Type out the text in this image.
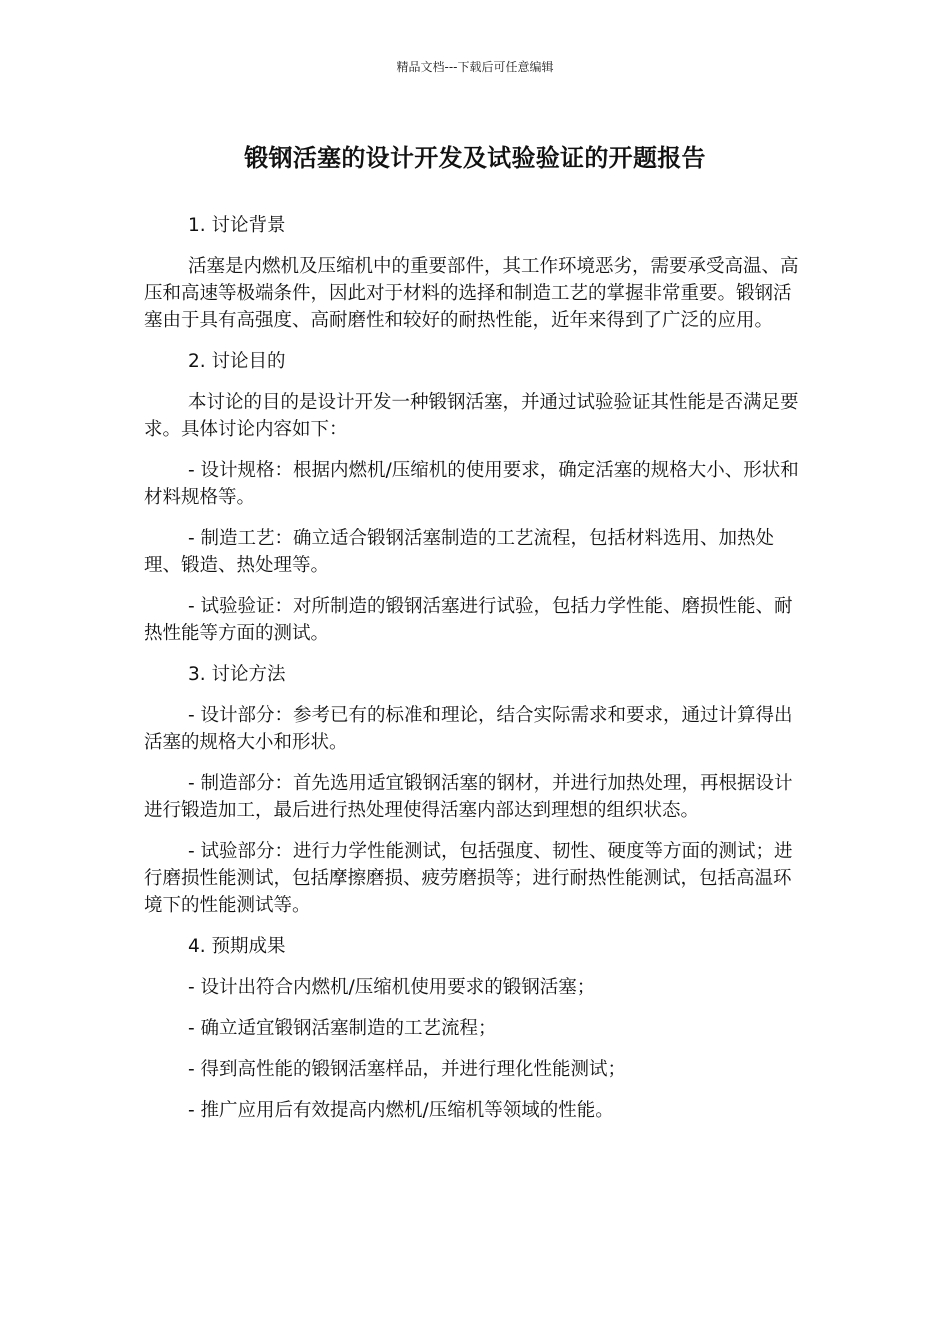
精品文档---下载后可任意编辑
锻钢活塞的设计开发及试验验证的开题报告

1. 讨论背景

活塞是内燃机及压缩机中的重要部件，其工作环境恶劣，需要承受高温、高压和高速等极端条件，因此对于材料的选择和制造工艺的掌握非常重要。锻钢活塞由于具有高强度、高耐磨性和较好的耐热性能，近年来得到了广泛的应用。

2. 讨论目的

本讨论的目的是设计开发一种锻钢活塞，并通过试验验证其性能是否满足要求。具体讨论内容如下：

- 设计规格：根据内燃机/压缩机的使用要求，确定活塞的规格大小、形状和材料规格等。

- 制造工艺：确立适合锻钢活塞制造的工艺流程，包括材料选用、加热处理、锻造、热处理等。

- 试验验证：对所制造的锻钢活塞进行试验，包括力学性能、磨损性能、耐热性能等方面的测试。

3. 讨论方法

- 设计部分：参考已有的标准和理论，结合实际需求和要求，通过计算得出活塞的规格大小和形状。

- 制造部分：首先选用适宜锻钢活塞的钢材，并进行加热处理，再根据设计进行锻造加工，最后进行热处理使得活塞内部达到理想的组织状态。

- 试验部分：进行力学性能测试，包括强度、韧性、硬度等方面的测试；进行磨损性能测试，包括摩擦磨损、疲劳磨损等；进行耐热性能测试，包括高温环境下的性能测试等。

4. 预期成果

- 设计出符合内燃机/压缩机使用要求的锻钢活塞；

- 确立适宜锻钢活塞制造的工艺流程；

- 得到高性能的锻钢活塞样品，并进行理化性能测试；

- 推广应用后有效提高内燃机/压缩机等领域的性能。
